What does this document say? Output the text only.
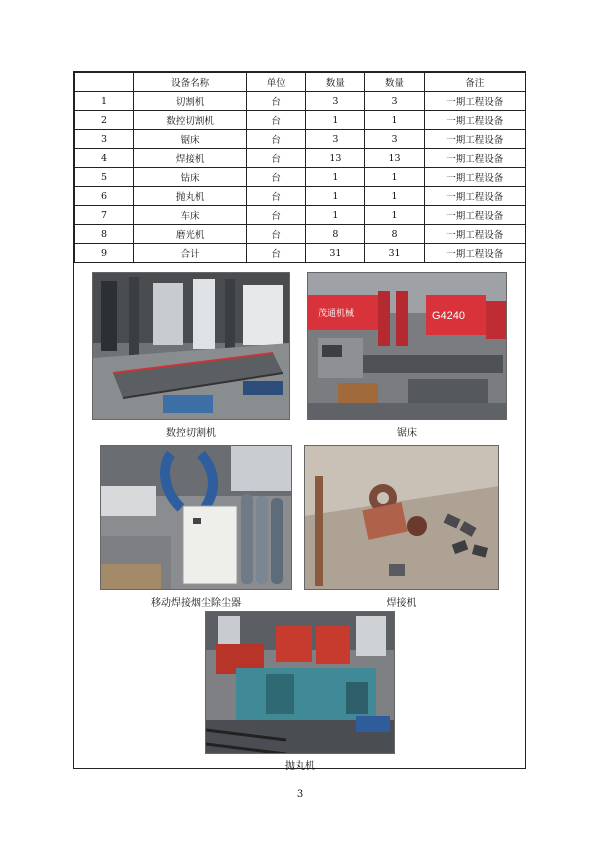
	设备名称	单位	数量	数量	备注
1	切割机	台	3	3	一期工程设备
2	数控切割机	台	1	1	一期工程设备
3	锯床	台	3	3	一期工程设备
4	焊接机	台	13	13	一期工程设备
5	钻床	台	1	1	一期工程设备
6	抛丸机	台	1	1	一期工程设备
7	车床	台	1	1	一期工程设备
8	磨光机	台	8	8	一期工程设备
9	合计	台	31	31	一期工程设备
数控切割机
茂通机械	G4240
锯床
移动焊接烟尘除尘器	焊接机
抛丸机
3
